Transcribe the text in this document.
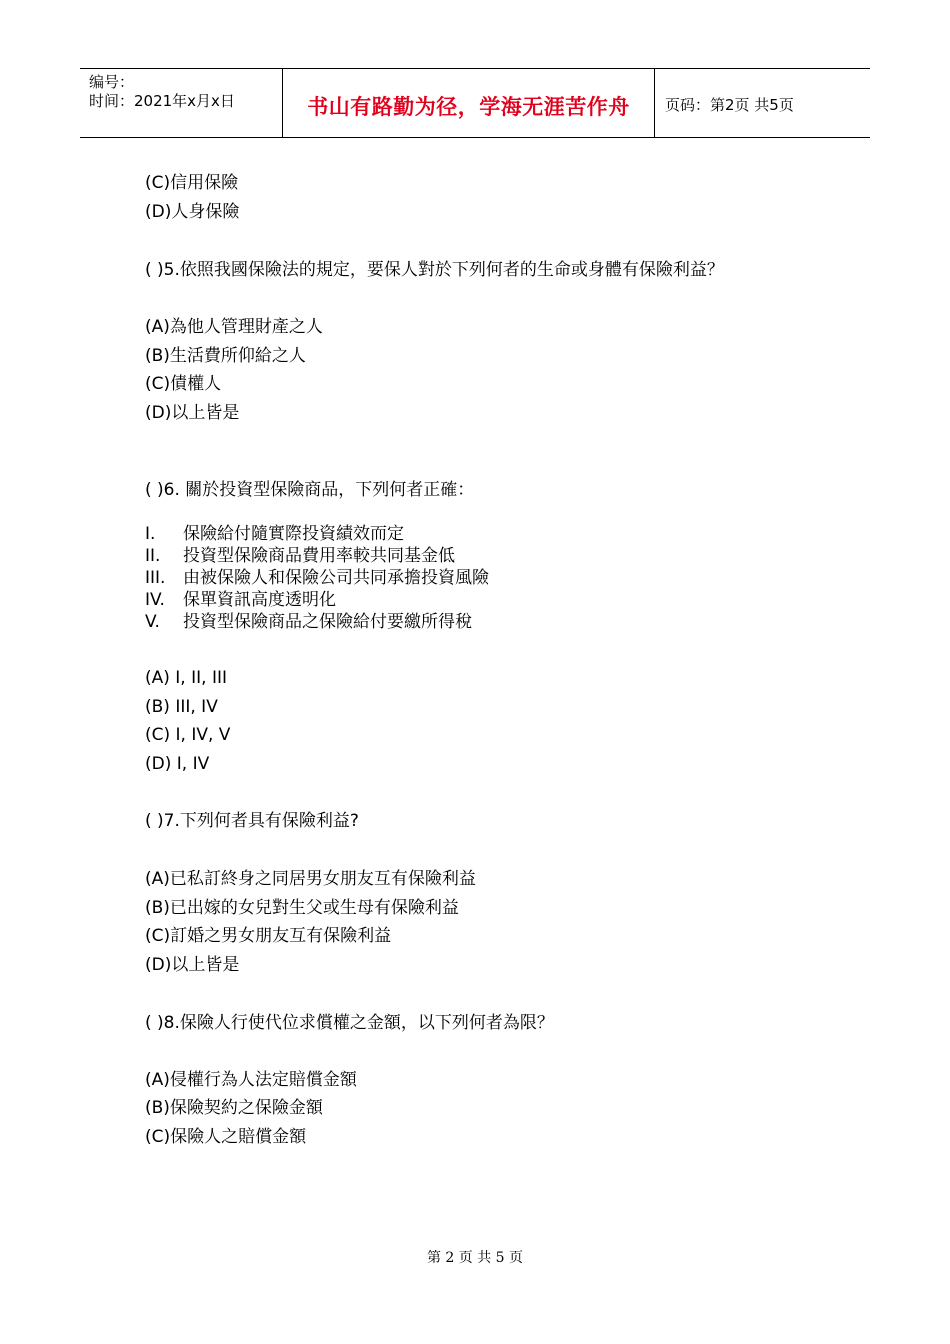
编号：
时间：2021年x月x日	书山有路勤为径，学海无涯苦作舟	页码：第2页 共5页
(C)信用保險
(D)人身保險
( )5.依照我國保險法的規定，要保人對於下列何者的生命或身體有保險利益？
(A)為他人管理財產之人
(B)生活費所仰給之人
(C)債權人
(D)以上皆是
( )6. 關於投資型保險商品，下列何者正確：
I. 保險給付隨實際投資績效而定
II. 投資型保險商品費用率較共同基金低
III. 由被保險人和保險公司共同承擔投資風險
IV. 保單資訊高度透明化
V. 投資型保險商品之保險給付要繳所得稅
(A) I, II, III
(B) III, IV
(C) I, IV, V
(D) I, IV
( )7.下列何者具有保險利益?
(A)已私訂終身之同居男女朋友互有保險利益
(B)已出嫁的女兒對生父或生母有保險利益
(C)訂婚之男女朋友互有保險利益
(D)以上皆是
( )8.保險人行使代位求償權之金額，以下列何者為限？
(A)侵權行為人法定賠償金額
(B)保險契約之保險金額
(C)保險人之賠償金額
第 2 页 共 5 页
